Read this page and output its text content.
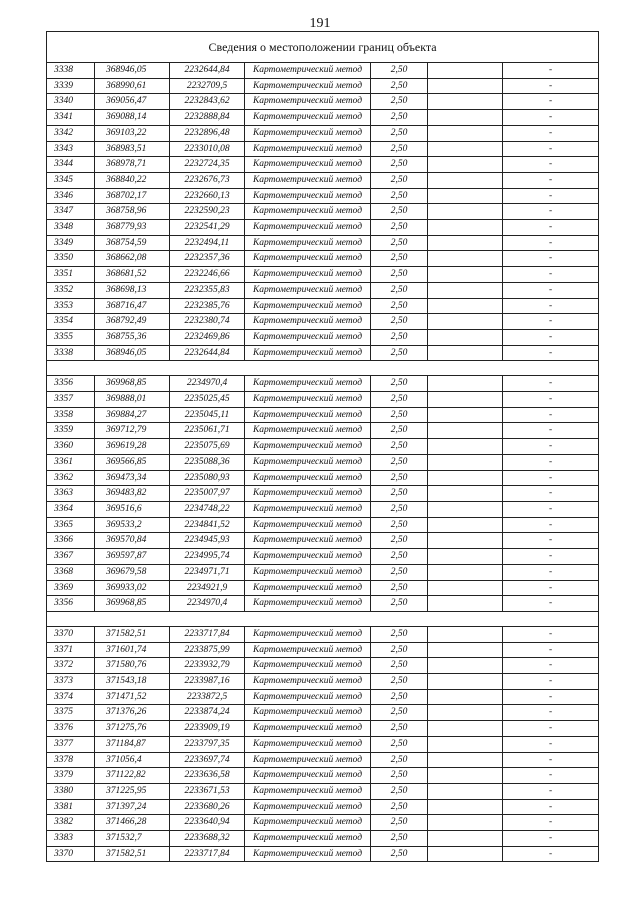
191
Сведения о местоположении границ объекта						
3338	368946,05	2232644,84	Картометрический метод	2,50		-
3339	368990,61	2232709,5	Картометрический метод	2,50		-
3340	369056,47	2232843,62	Картометрический метод	2,50		-
3341	369088,14	2232888,84	Картометрический метод	2,50		-
3342	369103,22	2232896,48	Картометрический метод	2,50		-
3343	368983,51	2233010,08	Картометрический метод	2,50		-
3344	368978,71	2232724,35	Картометрический метод	2,50		-
3345	368840,22	2232676,73	Картометрический метод	2,50		-
3346	368702,17	2232660,13	Картометрический метод	2,50		-
3347	368758,96	2232590,23	Картометрический метод	2,50		-
3348	368779,93	2232541,29	Картометрический метод	2,50		-
3349	368754,59	2232494,11	Картометрический метод	2,50		-
3350	368662,08	2232357,36	Картометрический метод	2,50		-
3351	368681,52	2232246,66	Картометрический метод	2,50		-
3352	368698,13	2232355,83	Картометрический метод	2,50		-
3353	368716,47	2232385,76	Картометрический метод	2,50		-
3354	368792,49	2232380,74	Картометрический метод	2,50		-
3355	368755,36	2232469,86	Картометрический метод	2,50		-
3338	368946,05	2232644,84	Картометрический метод	2,50		-

3356	369968,85	2234970,4	Картометрический метод	2,50		-
3357	369888,01	2235025,45	Картометрический метод	2,50		-
3358	369884,27	2235045,11	Картометрический метод	2,50		-
3359	369712,79	2235061,71	Картометрический метод	2,50		-
3360	369619,28	2235075,69	Картометрический метод	2,50		-
3361	369566,85	2235088,36	Картометрический метод	2,50		-
3362	369473,34	2235080,93	Картометрический метод	2,50		-
3363	369483,82	2235007,97	Картометрический метод	2,50		-
3364	369516,6	2234748,22	Картометрический метод	2,50		-
3365	369533,2	2234841,52	Картометрический метод	2,50		-
3366	369570,84	2234945,93	Картометрический метод	2,50		-
3367	369597,87	2234995,74	Картометрический метод	2,50		-
3368	369679,58	2234971,71	Картометрический метод	2,50		-
3369	369933,02	2234921,9	Картометрический метод	2,50		-
3356	369968,85	2234970,4	Картометрический метод	2,50		-

3370	371582,51	2233717,84	Картометрический метод	2,50		-
3371	371601,74	2233875,99	Картометрический метод	2,50		-
3372	371580,76	2233932,79	Картометрический метод	2,50		-
3373	371543,18	2233987,16	Картометрический метод	2,50		-
3374	371471,52	2233872,5	Картометрический метод	2,50		-
3375	371376,26	2233874,24	Картометрический метод	2,50		-
3376	371275,76	2233909,19	Картометрический метод	2,50		-
3377	371184,87	2233797,35	Картометрический метод	2,50		-
3378	371056,4	2233697,74	Картометрический метод	2,50		-
3379	371122,82	2233636,58	Картометрический метод	2,50		-
3380	371225,95	2233671,53	Картометрический метод	2,50		-
3381	371397,24	2233680,26	Картометрический метод	2,50		-
3382	371466,28	2233640,94	Картометрический метод	2,50		-
3383	371532,7	2233688,32	Картометрический метод	2,50		-
3370	371582,51	2233717,84	Картометрический метод	2,50		-
